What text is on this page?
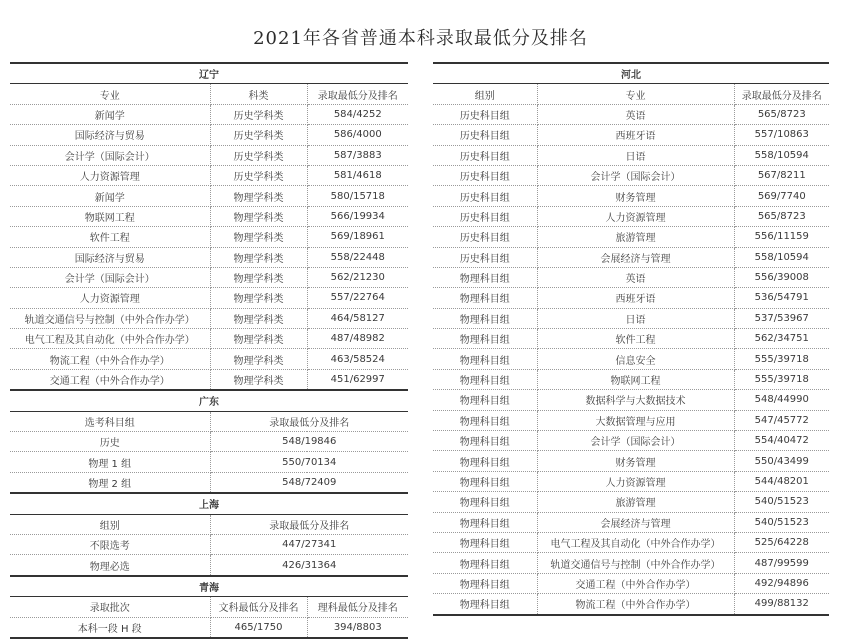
2021年各省普通本科录取最低分及排名
辽宁		
专业	科类	录取最低分及排名
新闻学	历史学科类	584/4252
国际经济与贸易	历史学科类	586/4000
会计学（国际会计）	历史学科类	587/3883
人力资源管理	历史学科类	581/4618
新闻学	物理学科类	580/15718
物联网工程	物理学科类	566/19934
软件工程	物理学科类	569/18961
国际经济与贸易	物理学科类	558/22448
会计学（国际会计）	物理学科类	562/21230
人力资源管理	物理学科类	557/22764
轨道交通信号与控制（中外合作办学）	物理学科类	464/58127
电气工程及其自动化（中外合作办学）	物理学科类	487/48982
物流工程（中外合作办学）	物理学科类	463/58524
交通工程（中外合作办学）	物理学科类	451/62997
广东		
选考科目组	录取最低分及排名	
历史	548/19846	
物理 1 组	550/70134	
物理 2 组	548/72409	
上海		
组别	录取最低分及排名	
不限选考	447/27341	
物理必选	426/31364	
青海		
录取批次	文科最低分及排名	理科最低分及排名
本科一段 H 段	465/1750	394/8803
河北		
组别	专业	录取最低分及排名
历史科目组	英语	565/8723
历史科目组	西班牙语	557/10863
历史科目组	日语	558/10594
历史科目组	会计学（国际会计）	567/8211
历史科目组	财务管理	569/7740
历史科目组	人力资源管理	565/8723
历史科目组	旅游管理	556/11159
历史科目组	会展经济与管理	558/10594
物理科目组	英语	556/39008
物理科目组	西班牙语	536/54791
物理科目组	日语	537/53967
物理科目组	软件工程	562/34751
物理科目组	信息安全	555/39718
物理科目组	物联网工程	555/39718
物理科目组	数据科学与大数据技术	548/44990
物理科目组	大数据管理与应用	547/45772
物理科目组	会计学（国际会计）	554/40472
物理科目组	财务管理	550/43499
物理科目组	人力资源管理	544/48201
物理科目组	旅游管理	540/51523
物理科目组	会展经济与管理	540/51523
物理科目组	电气工程及其自动化（中外合作办学）	525/64228
物理科目组	轨道交通信号与控制（中外合作办学）	487/99599
物理科目组	交通工程（中外合作办学）	492/94896
物理科目组	物流工程（中外合作办学）	499/88132
